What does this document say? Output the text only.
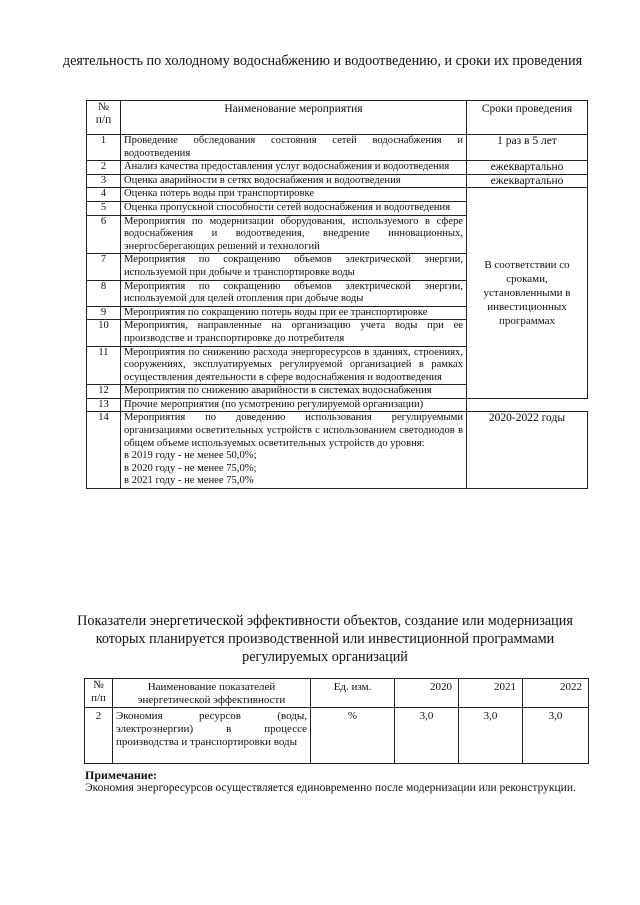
деятельность по холодному водоснабжению и водоотведению, и сроки их проведения
№
п/п	Наименование мероприятия	Сроки проведения
1	Проведение обследования состояния сетей водоснабжения и водоотведения	1 раз в 5 лет
2	Анализ качества предоставления услуг водоснабжения и водоотведения	ежеквартально
3	Оценка аварийности в сетях водоснабжения и водоотведения	ежеквартально
4	Оценка потерь воды при транспортировке	В соответствии со сроками, установленными в инвестиционных программах
5	Оценка пропускной способности сетей водоснабжения и водоотведения	

6	Мероприятия по модернизации оборудования, используемого в сфере водоснабжения и водоотведения, внедрение инновационных, энергосберегающих решений и технологий	

7	Мероприятия по сокращению объемов электрической энергии, используемой при добыче и транспортировке воды	

8	Мероприятия по сокращению объемов электрической энергии, используемой для целей отопления при добыче воды	

9	Мероприятия по сокращению потерь воды при ее транспортировке	

10	Мероприятия, направленные на организацию учета воды при ее производстве и транспортировке до потребителя	

11	Мероприятия по снижению расхода энергоресурсов в зданиях, строениях, сооружениях, эксплуатируемых регулируемой организацией в рамках осуществления деятельности в сфере водоснабжения и водоотведения	

12	Мероприятия по снижению аварийности в системах водоснабжения	

13	Прочие мероприятия (по усмотрению регулируемой организации)	

14	Мероприятия по доведению использования регулируемыми организациями осветительных устройств с использованием светодиодов в общем объеме используемых осветительных устройств до уровня:
в 2019 году - не менее 50,0%;
в 2020 году - не менее 75,0%;
в 2021 году - не менее 75,0%	2020-2022 годы
Показатели энергетической эффективности объектов, создание или модернизация которых планируется производственной или инвестиционной программами регулируемых организаций
№
п/п	Наименование показателей энергетической эффективности	Ед. изм.	2020	2021	2022
2	Экономия ресурсов (воды, электроэнергии) в процессе производства и транспортировки воды	%	3,0	3,0	3,0
Примечание:
Экономия энергоресурсов осуществляется единовременно после модернизации или реконструкции.
